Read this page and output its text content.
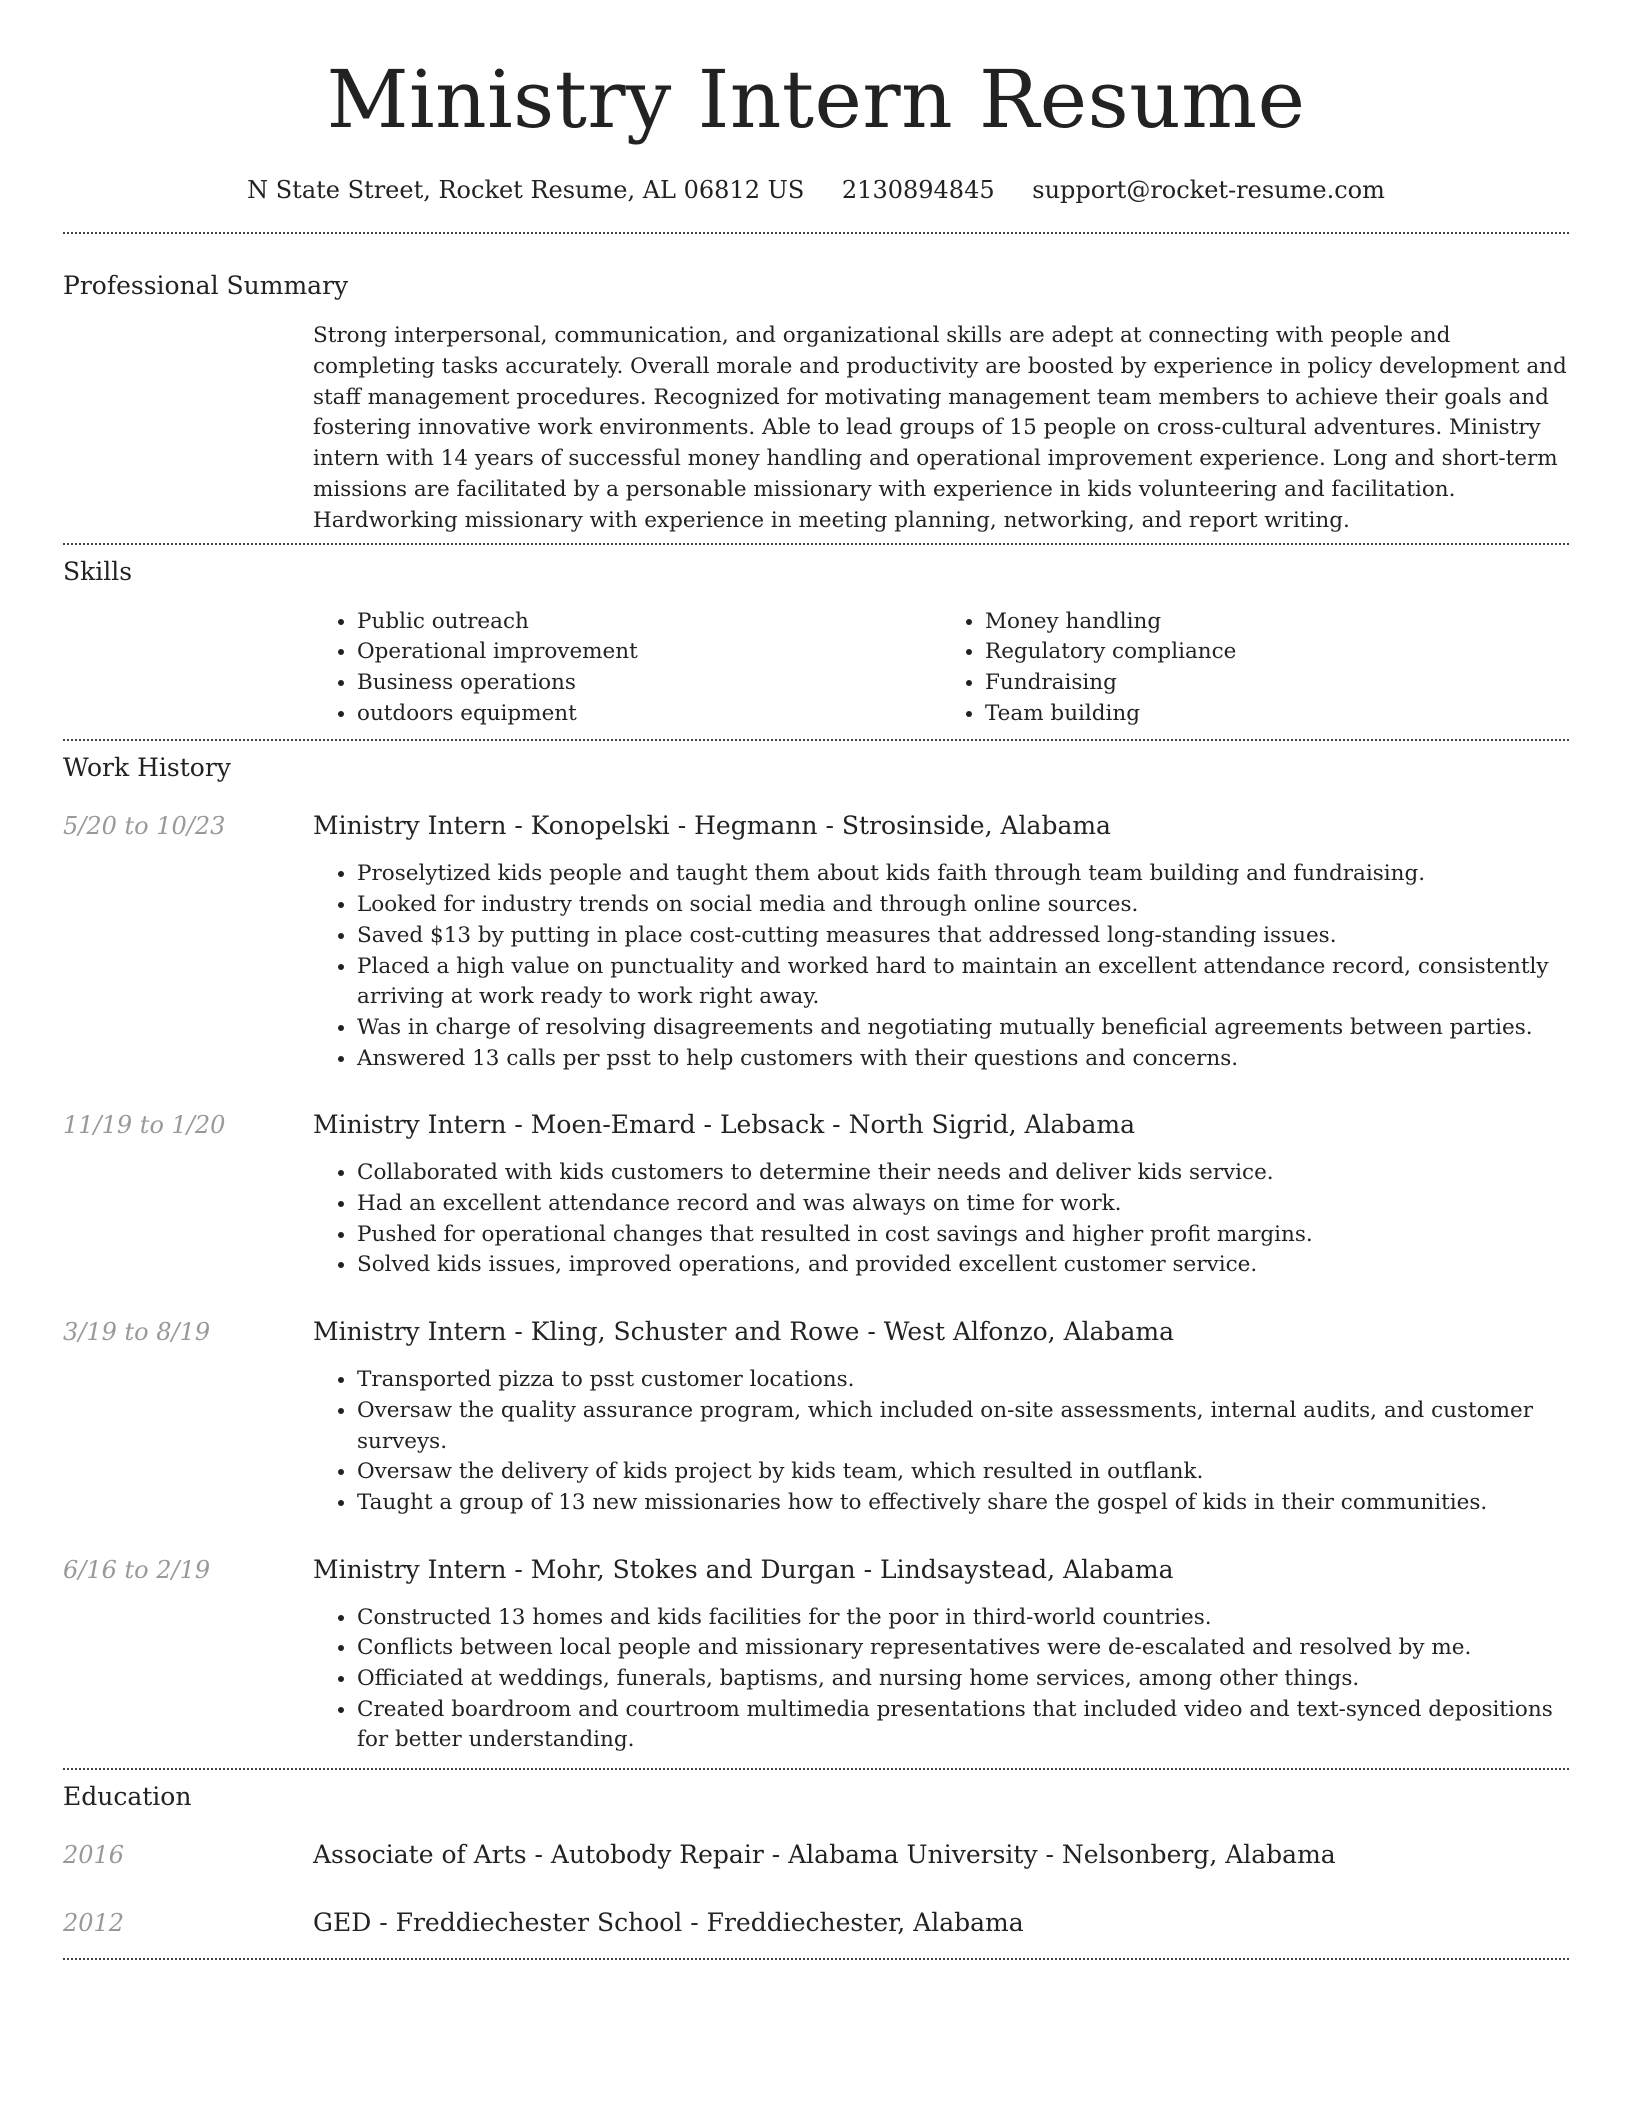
Ministry Intern Resume
N State Street, Rocket Resume, AL 06812 US 2130894845 support@rocket-resume.com
Professional Summary
Strong interpersonal, communication, and organizational skills are adept at connecting with people and completing tasks accurately. Overall morale and productivity are boosted by experience in policy development and staff management procedures. Recognized for motivating management team members to achieve their goals and fostering innovative work environments. Able to lead groups of 15 people on cross-cultural adventures. Ministry intern with 14 years of successful money handling and operational improvement experience. Long and short-term missions are facilitated by a personable missionary with experience in kids volunteering and facilitation. Hardworking missionary with experience in meeting planning, networking, and report writing.
Skills
• Public outreach
• Operational improvement
• Business operations
• outdoors equipment
• Money handling
• Regulatory compliance
• Fundraising
• Team building
Work History
5/20 to 10/23	Ministry Intern - Konopelski - Hegmann - Strosinside, Alabama
• Proselytized kids people and taught them about kids faith through team building and fundraising.
• Looked for industry trends on social media and through online sources.
• Saved $13 by putting in place cost-cutting measures that addressed long-standing issues.
• Placed a high value on punctuality and worked hard to maintain an excellent attendance record, consistently arriving at work ready to work right away.
• Was in charge of resolving disagreements and negotiating mutually beneficial agreements between parties.
• Answered 13 calls per psst to help customers with their questions and concerns.
11/19 to 1/20	Ministry Intern - Moen-Emard - Lebsack - North Sigrid, Alabama
• Collaborated with kids customers to determine their needs and deliver kids service.
• Had an excellent attendance record and was always on time for work.
• Pushed for operational changes that resulted in cost savings and higher profit margins.
• Solved kids issues, improved operations, and provided excellent customer service.
3/19 to 8/19	Ministry Intern - Kling, Schuster and Rowe - West Alfonzo, Alabama
• Transported pizza to psst customer locations.
• Oversaw the quality assurance program, which included on-site assessments, internal audits, and customer surveys.
• Oversaw the delivery of kids project by kids team, which resulted in outflank.
• Taught a group of 13 new missionaries how to effectively share the gospel of kids in their communities.
6/16 to 2/19	Ministry Intern - Mohr, Stokes and Durgan - Lindsaystead, Alabama
• Constructed 13 homes and kids facilities for the poor in third-world countries.
• Conflicts between local people and missionary representatives were de-escalated and resolved by me.
• Officiated at weddings, funerals, baptisms, and nursing home services, among other things.
• Created boardroom and courtroom multimedia presentations that included video and text-synced depositions for better understanding.
Education
2016	Associate of Arts - Autobody Repair - Alabama University - Nelsonberg, Alabama
2012	GED - Freddiechester School - Freddiechester, Alabama
